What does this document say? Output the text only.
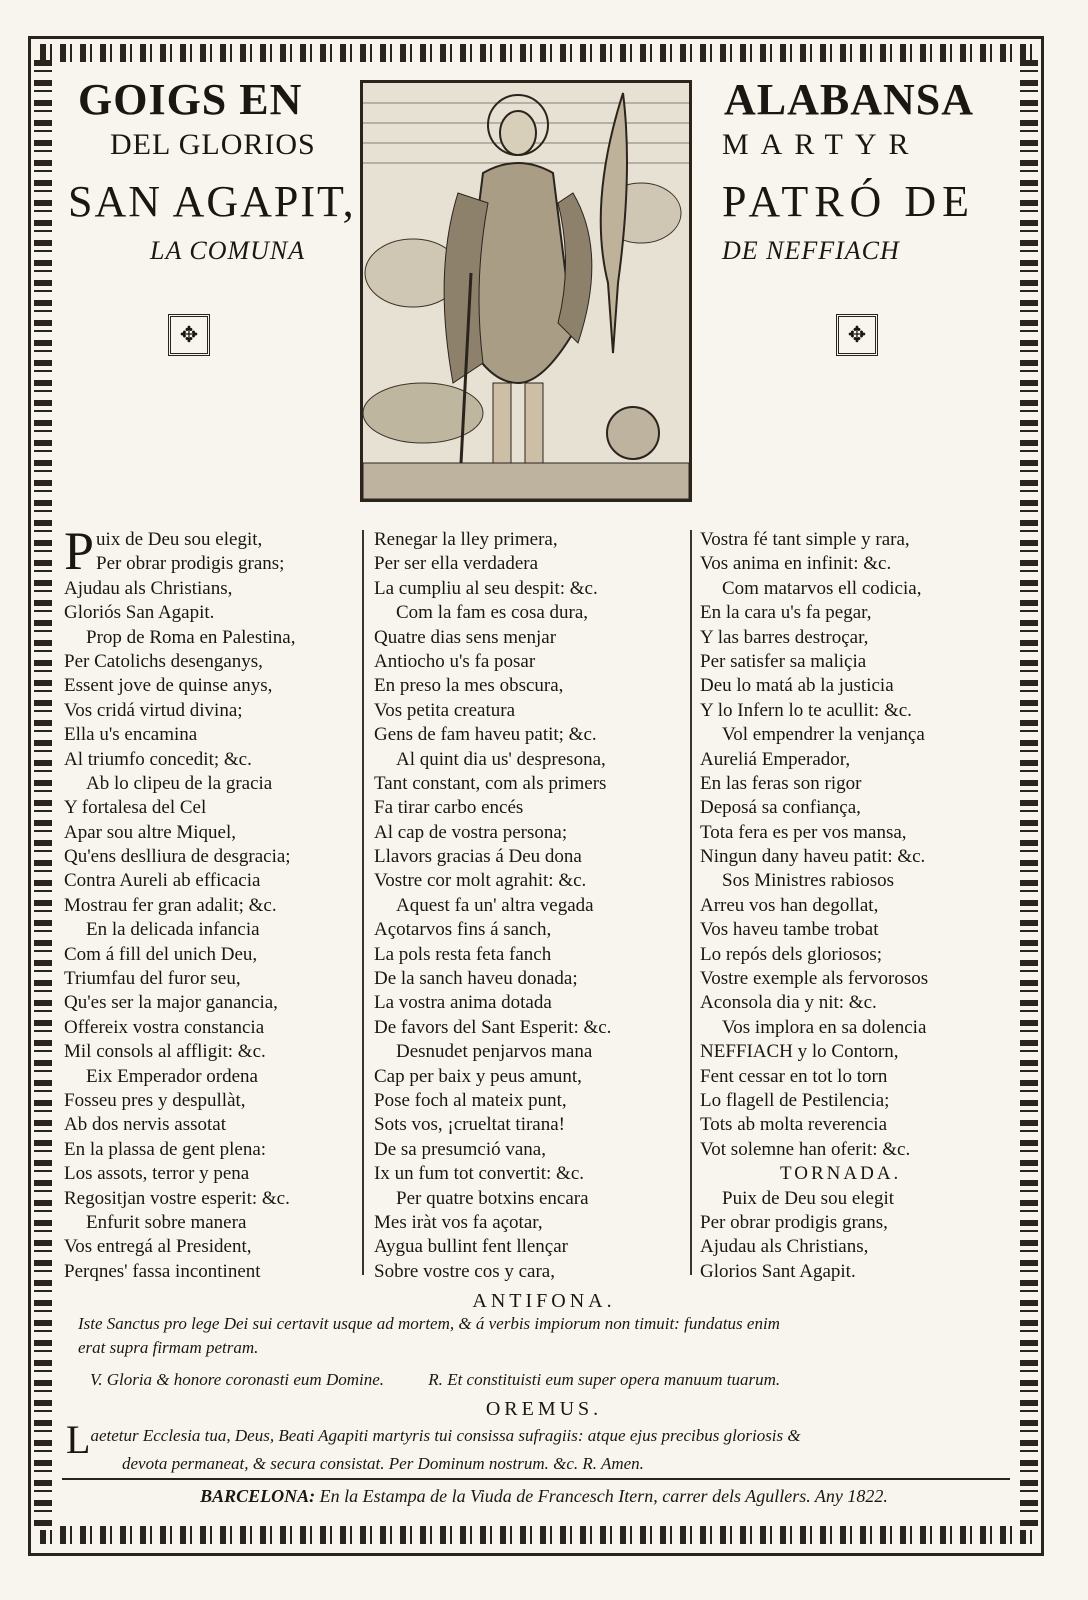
GOIGS EN	ALABANSA
DEL GLORIOS	MARTYR
SAN AGAPIT,	PATRÓ DE
LA COMUNA	DE NEFFIACH
✥	✥
Puix de Deu sou elegit,
Per obrar prodigis grans;
Ajudau als Christians,
Gloriós San Agapit.
Prop de Roma en Palestina,
Per Catolichs desenganys,
Essent jove de quinse anys,
Vos cridá virtud divina;
Ella u's encamina
Al triumfo concedit; &c.
Ab lo clipeu de la gracia
Y fortalesa del Cel
Apar sou altre Miquel,
Qu'ens deslliura de desgracia;
Contra Aureli ab efficacia
Mostrau fer gran adalit; &c.
En la delicada infancia
Com á fill del unich Deu,
Triumfau del furor seu,
Qu'es ser la major ganancia,
Offereix vostra constancia
Mil consols al affligit: &c.
Eix Emperador ordena
Fosseu pres y despullàt,
Ab dos nervis assotat
En la plassa de gent plena:
Los assots, terror y pena
Regositjan vostre esperit: &c.
Enfurit sobre manera
Vos entregá al President,
Perqnes' fassa incontinent
Renegar la lley primera,
Per ser ella verdadera
La cumpliu al seu despit: &c.
Com la fam es cosa dura,
Quatre dias sens menjar
Antiocho u's fa posar
En preso la mes obscura,
Vos petita creatura
Gens de fam haveu patit; &c.
Al quint dia us' despresona,
Tant constant, com als primers
Fa tirar carbo encés
Al cap de vostra persona;
Llavors gracias á Deu dona
Vostre cor molt agrahit: &c.
Aquest fa un' altra vegada
Açotarvos fins á sanch,
La pols resta feta fanch
De la sanch haveu donada;
La vostra anima dotada
De favors del Sant Esperit: &c.
Desnudet penjarvos mana
Cap per baix y peus amunt,
Pose foch al mateix punt,
Sots vos, ¡crueltat tirana!
De sa presumció vana,
Ix un fum tot convertit: &c.
Per quatre botxins encara
Mes iràt vos fa açotar,
Aygua bullint fent llençar
Sobre vostre cos y cara,
Vostra fé tant simple y rara,
Vos anima en infinit: &c.
Com matarvos ell codicia,
En la cara u's fa pegar,
Y las barres destroçar,
Per satisfer sa maliçia
Deu lo matá ab la justicia
Y lo Infern lo te acullit: &c.
Vol empendrer la venjança
Aureliá Emperador,
En las feras son rigor
Deposá sa confiança,
Tota fera es per vos mansa,
Ningun dany haveu patit: &c.
Sos Ministres rabiosos
Arreu vos han degollat,
Vos haveu tambe trobat
Lo repós dels gloriosos;
Vostre exemple als fervorosos
Aconsola dia y nit: &c.
Vos implora en sa dolencia
NEFFIACH y lo Contorn,
Fent cessar en tot lo torn
Lo flagell de Pestilencia;
Tots ab molta reverencia
Vot solemne han oferit: &c.
TORNADA.
Puix de Deu sou elegit
Per obrar prodigis grans,
Ajudau als Christians,
Glorios Sant Agapit.
ANTIFONA.
Iste Sanctus pro lege Dei sui certavit usque ad mortem, & á verbis impiorum non timuit: fundatus enim
erat supra firmam petram.
V. Gloria & honore coronasti eum Domine.	R. Et constituisti eum super opera manuum tuarum.
OREMUS.
Laetetur Ecclesia tua, Deus, Beati Agapiti martyris tui consissa sufragiis: atque ejus precibus gloriosis &
devota permaneat, & secura consistat. Per Dominum nostrum. &c. R. Amen.
BARCELONA: En la Estampa de la Viuda de Francesch Itern, carrer dels Agullers. Any 1822.
